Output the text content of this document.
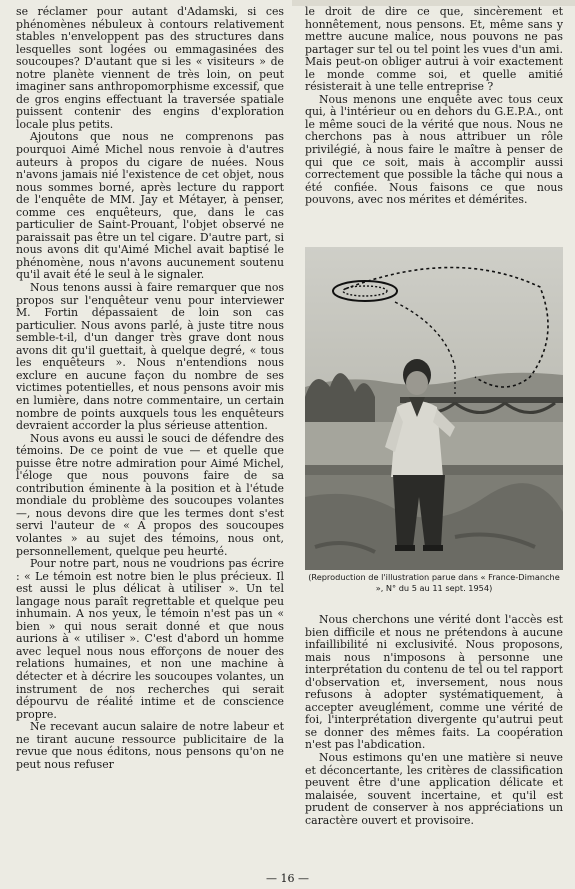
se réclamer pour autant d'Adamski, si ces phénomènes nébuleux à contours relativement stables n'enveloppent pas des structures dans lesquelles sont logées ou emmagasinées des soucoupes? D'autant que si les « visiteurs » de notre planète viennent de très loin, on peut imaginer sans anthropomorphisme excessif, que de gros engins effectuant la traversée spatiale puissent contenir des engins d'exploration locale plus petits.

Ajoutons que nous ne comprenons pas pourquoi Aimé Michel nous renvoie à d'autres auteurs à propos du cigare de nuées. Nous n'avons jamais nié l'existence de cet objet, nous nous sommes borné, après lecture du rapport de l'enquête de MM. Jay et Métayer, à penser, comme ces enquêteurs, que, dans le cas particulier de Saint-Prouant, l'objet observé ne paraissait pas être un tel cigare. D'autre part, si nous avons dit qu'Aimé Michel avait baptisé le phénomène, nous n'avons aucunement soutenu qu'il avait été le seul à le signaler.

Nous tenons aussi à faire remarquer que nos propos sur l'enquêteur venu pour interviewer M. Fortin dépassaient de loin son cas particulier. Nous avons parlé, à juste titre nous semble-t-il, d'un danger très grave dont nous avons dit qu'il guettait, à quelque degré, « tous les enquêteurs ». Nous n'entendions nous exclure en aucune façon du nombre de ses victimes potentielles, et nous pensons avoir mis en lumière, dans notre commentaire, un certain nombre de points auxquels tous les enquêteurs devraient accorder la plus sérieuse attention.

Nous avons eu aussi le souci de défendre des témoins. De ce point de vue — et quelle que puisse être notre admiration pour Aimé Michel, l'éloge que nous pouvons faire de sa contribution éminente à la position et à l'étude mondiale du problème des soucoupes volantes —, nous devons dire que les termes dont s'est servi l'auteur de « A propos des soucoupes volantes » au sujet des témoins, nous ont, personnellement, quelque peu heurté.

Pour notre part, nous ne voudrions pas écrire : « Le témoin est notre bien le plus précieux. Il est aussi le plus délicat à utiliser ». Un tel langage nous paraît regrettable et quelque peu inhumain. A nos yeux, le témoin n'est pas un « bien » qui nous serait donné et que nous aurions à « utiliser ». C'est d'abord un homme avec lequel nous nous efforçons de nouer des relations humaines, et non une machine à détecter et à décrire les soucoupes volantes, un instrument de nos recherches qui serait dépourvu de réalité intime et de conscience propre.

Ne recevant aucun salaire de notre labeur et ne tirant aucune ressource publicitaire de la revue que nous éditons, nous pensons qu'on ne peut nous refuser

le droit de dire ce que, sincèrement et honnêtement, nous pensons. Et, même sans y mettre aucune malice, nous pouvons ne pas partager sur tel ou tel point les vues d'un ami. Mais peut-on obliger autrui à voir exactement le monde comme soi, et quelle amitié résisterait à une telle entreprise ?

Nous menons une enquête avec tous ceux qui, à l'intérieur ou en dehors du G.E.P.A., ont le même souci de la vérité que nous. Nous ne cherchons pas à nous attribuer un rôle privilégié, à nous faire le maître à penser de qui que ce soit, mais à accomplir aussi correctement que possible la tâche qui nous a été confiée. Nous faisons ce que nous pouvons, avec nos mérites et démérites.

(Reproduction de l'illustration parue dans « France-Dimanche », N° du 5 au 11 sept. 1954)

Nous cherchons une vérité dont l'accès est bien difficile et nous ne prétendons à aucune infaillibilité ni exclusivité. Nous proposons, mais nous n'imposons à personne une interprétation du contenu de tel ou tel rapport d'observation et, inversement, nous nous refusons à adopter systématiquement, à accepter aveuglément, comme une vérité de foi, l'interprétation divergente qu'autrui peut se donner des mêmes faits. La coopération n'est pas l'abdication.

Nous estimons qu'en une matière si neuve et déconcertante, les critères de classification peuvent être d'une application délicate et malaisée, souvent incertaine, et qu'il est prudent de conserver à nos appréciations un caractère ouvert et provisoire.

— 16 —
